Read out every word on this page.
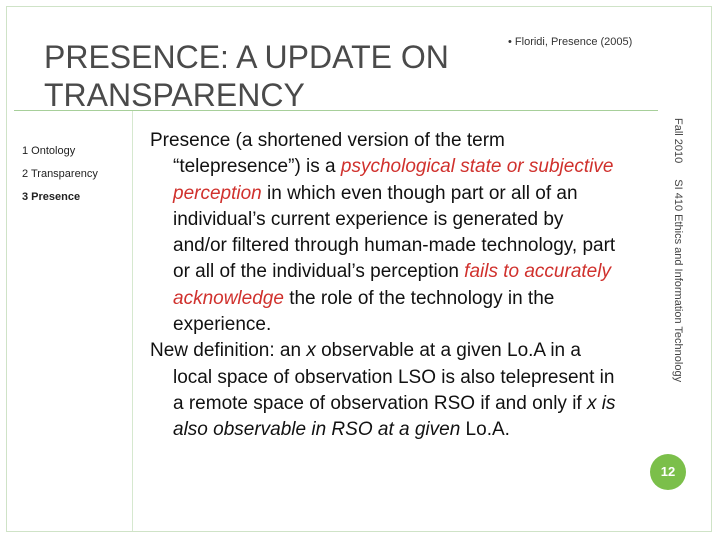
PRESENCE: A UPDATE ON TRANSPARENCY
• Floridi, Presence (2005)
1 Ontology
2 Transparency
3 Presence

Presence (a shortened version of the term “telepresence”) is a psychological state or subjective perception in which even though part or all of an individual’s current experience is generated by and/or filtered through human-made technology, part or all of the individual’s perception fails to accurately acknowledge the role of the technology in the experience.

New definition: an x observable at a given Lo.A in a local space of observation LSO is also telepresent in a remote space of observation RSO if and only if x is also observable in RSO at a given Lo.A.

Fall 2010SI 410 Ethics and Information Technology
12
